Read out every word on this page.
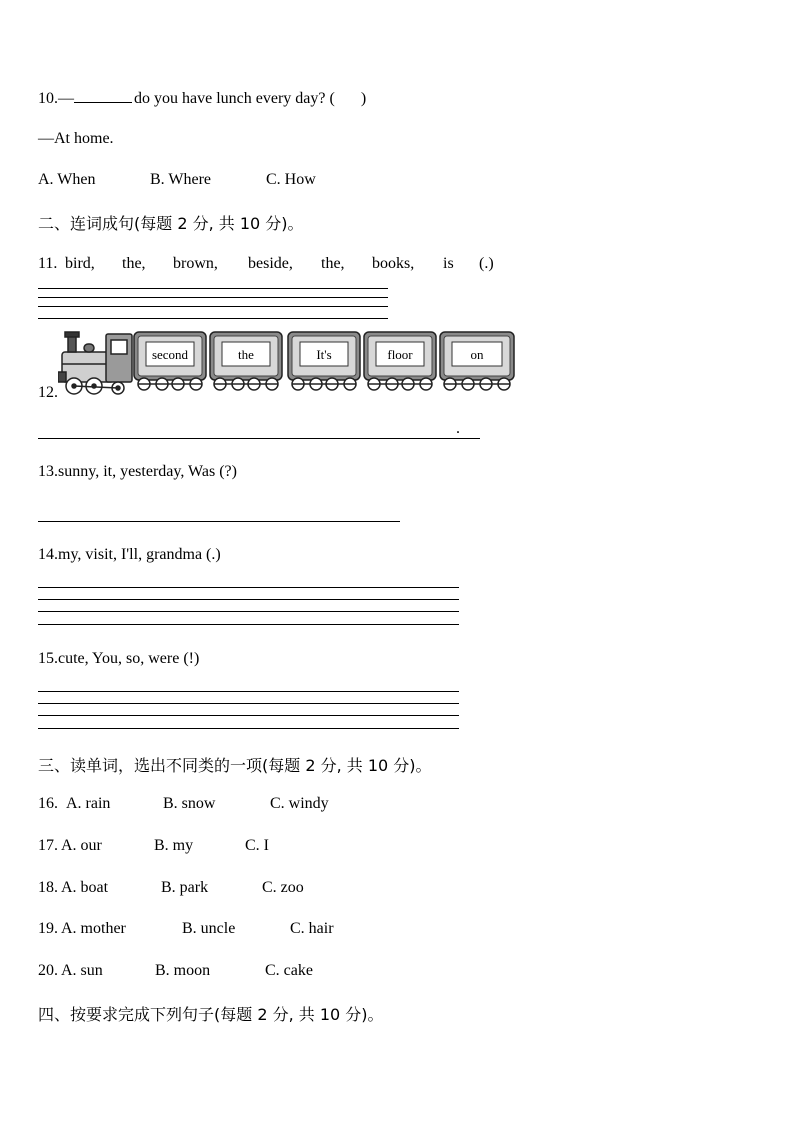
10.—	do you have lunch every day? ( )
—At home.
A. When	B. Where	C. How
二、连词成句(每题 2 分, 共 10 分)。
11. bird, the, brown, beside, the, books, is (.)
12.
second	the	It's	floor	on
.
13.sunny, it, yesterday, Was (?)
14.my, visit, I'll, grandma (.)
15.cute, You, so, were (!)
三、读单词，选出不同类的一项(每题 2 分, 共 10 分)。
16. A. rain	B. snow	C. windy
17. A. our	B. my	C. I
18. A. boat	B. park	C. zoo
19. A. mother	B. uncle	C. hair
20. A. sun	B. moon	C. cake
四、按要求完成下列句子(每题 2 分, 共 10 分)。
